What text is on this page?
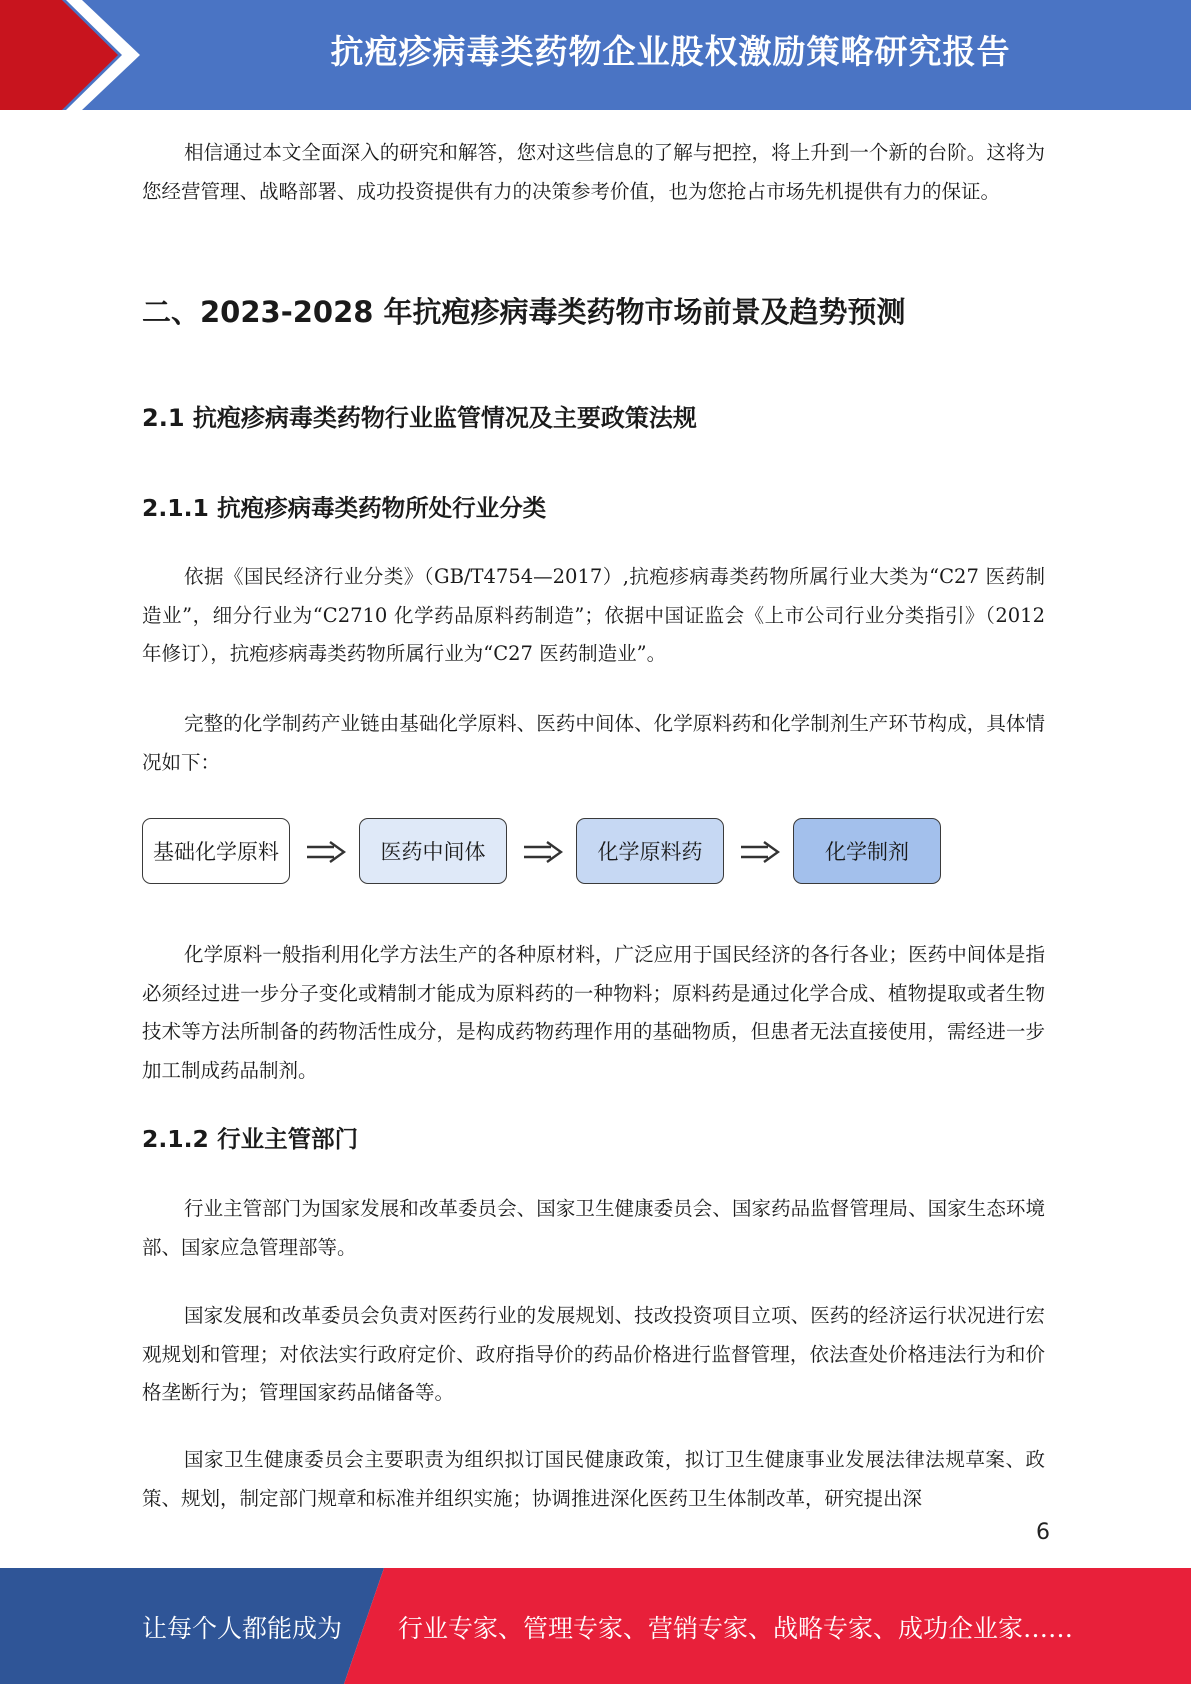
抗疱疹病毒类药物企业股权激励策略研究报告

相信通过本文全面深入的研究和解答，您对这些信息的了解与把控，将上升到一个新的台阶。这将为您经营管理、战略部署、成功投资提供有力的决策参考价值，也为您抢占市场先机提供有力的保证。

二、2023-2028 年抗疱疹病毒类药物市场前景及趋势预测
2.1 抗疱疹病毒类药物行业监管情况及主要政策法规
2.1.1 抗疱疹病毒类药物所处行业分类

依据《国民经济行业分类》（GB/T4754—2017）,抗疱疹病毒类药物所属行业大类为“C27 医药制造业”，细分行业为“C2710 化学药品原料药制造”；依据中国证监会《上市公司行业分类指引》（2012 年修订），抗疱疹病毒类药物所属行业为“C27 医药制造业”。

完整的化学制药产业链由基础化学原料、医药中间体、化学原料药和化学制剂生产环节构成，具体情况如下：

基础化学原料	医药中间体	化学原料药	化学制剂

化学原料一般指利用化学方法生产的各种原材料，广泛应用于国民经济的各行各业；医药中间体是指必须经过进一步分子变化或精制才能成为原料药的一种物料；原料药是通过化学合成、植物提取或者生物技术等方法所制备的药物活性成分，是构成药物药理作用的基础物质，但患者无法直接使用，需经进一步加工制成药品制剂。

2.1.2 行业主管部门

行业主管部门为国家发展和改革委员会、国家卫生健康委员会、国家药品监督管理局、国家生态环境部、国家应急管理部等。

国家发展和改革委员会负责对医药行业的发展规划、技改投资项目立项、医药的经济运行状况进行宏观规划和管理；对依法实行政府定价、政府指导价的药品价格进行监督管理，依法查处价格违法行为和价格垄断行为；管理国家药品储备等。

国家卫生健康委员会主要职责为组织拟订国民健康政策，拟订卫生健康事业发展法律法规草案、政策、规划，制定部门规章和标准并组织实施；协调推进深化医药卫生体制改革，研究提出深

6
让每个人都能成为 行业专家、管理专家、营销专家、战略专家、成功企业家……
